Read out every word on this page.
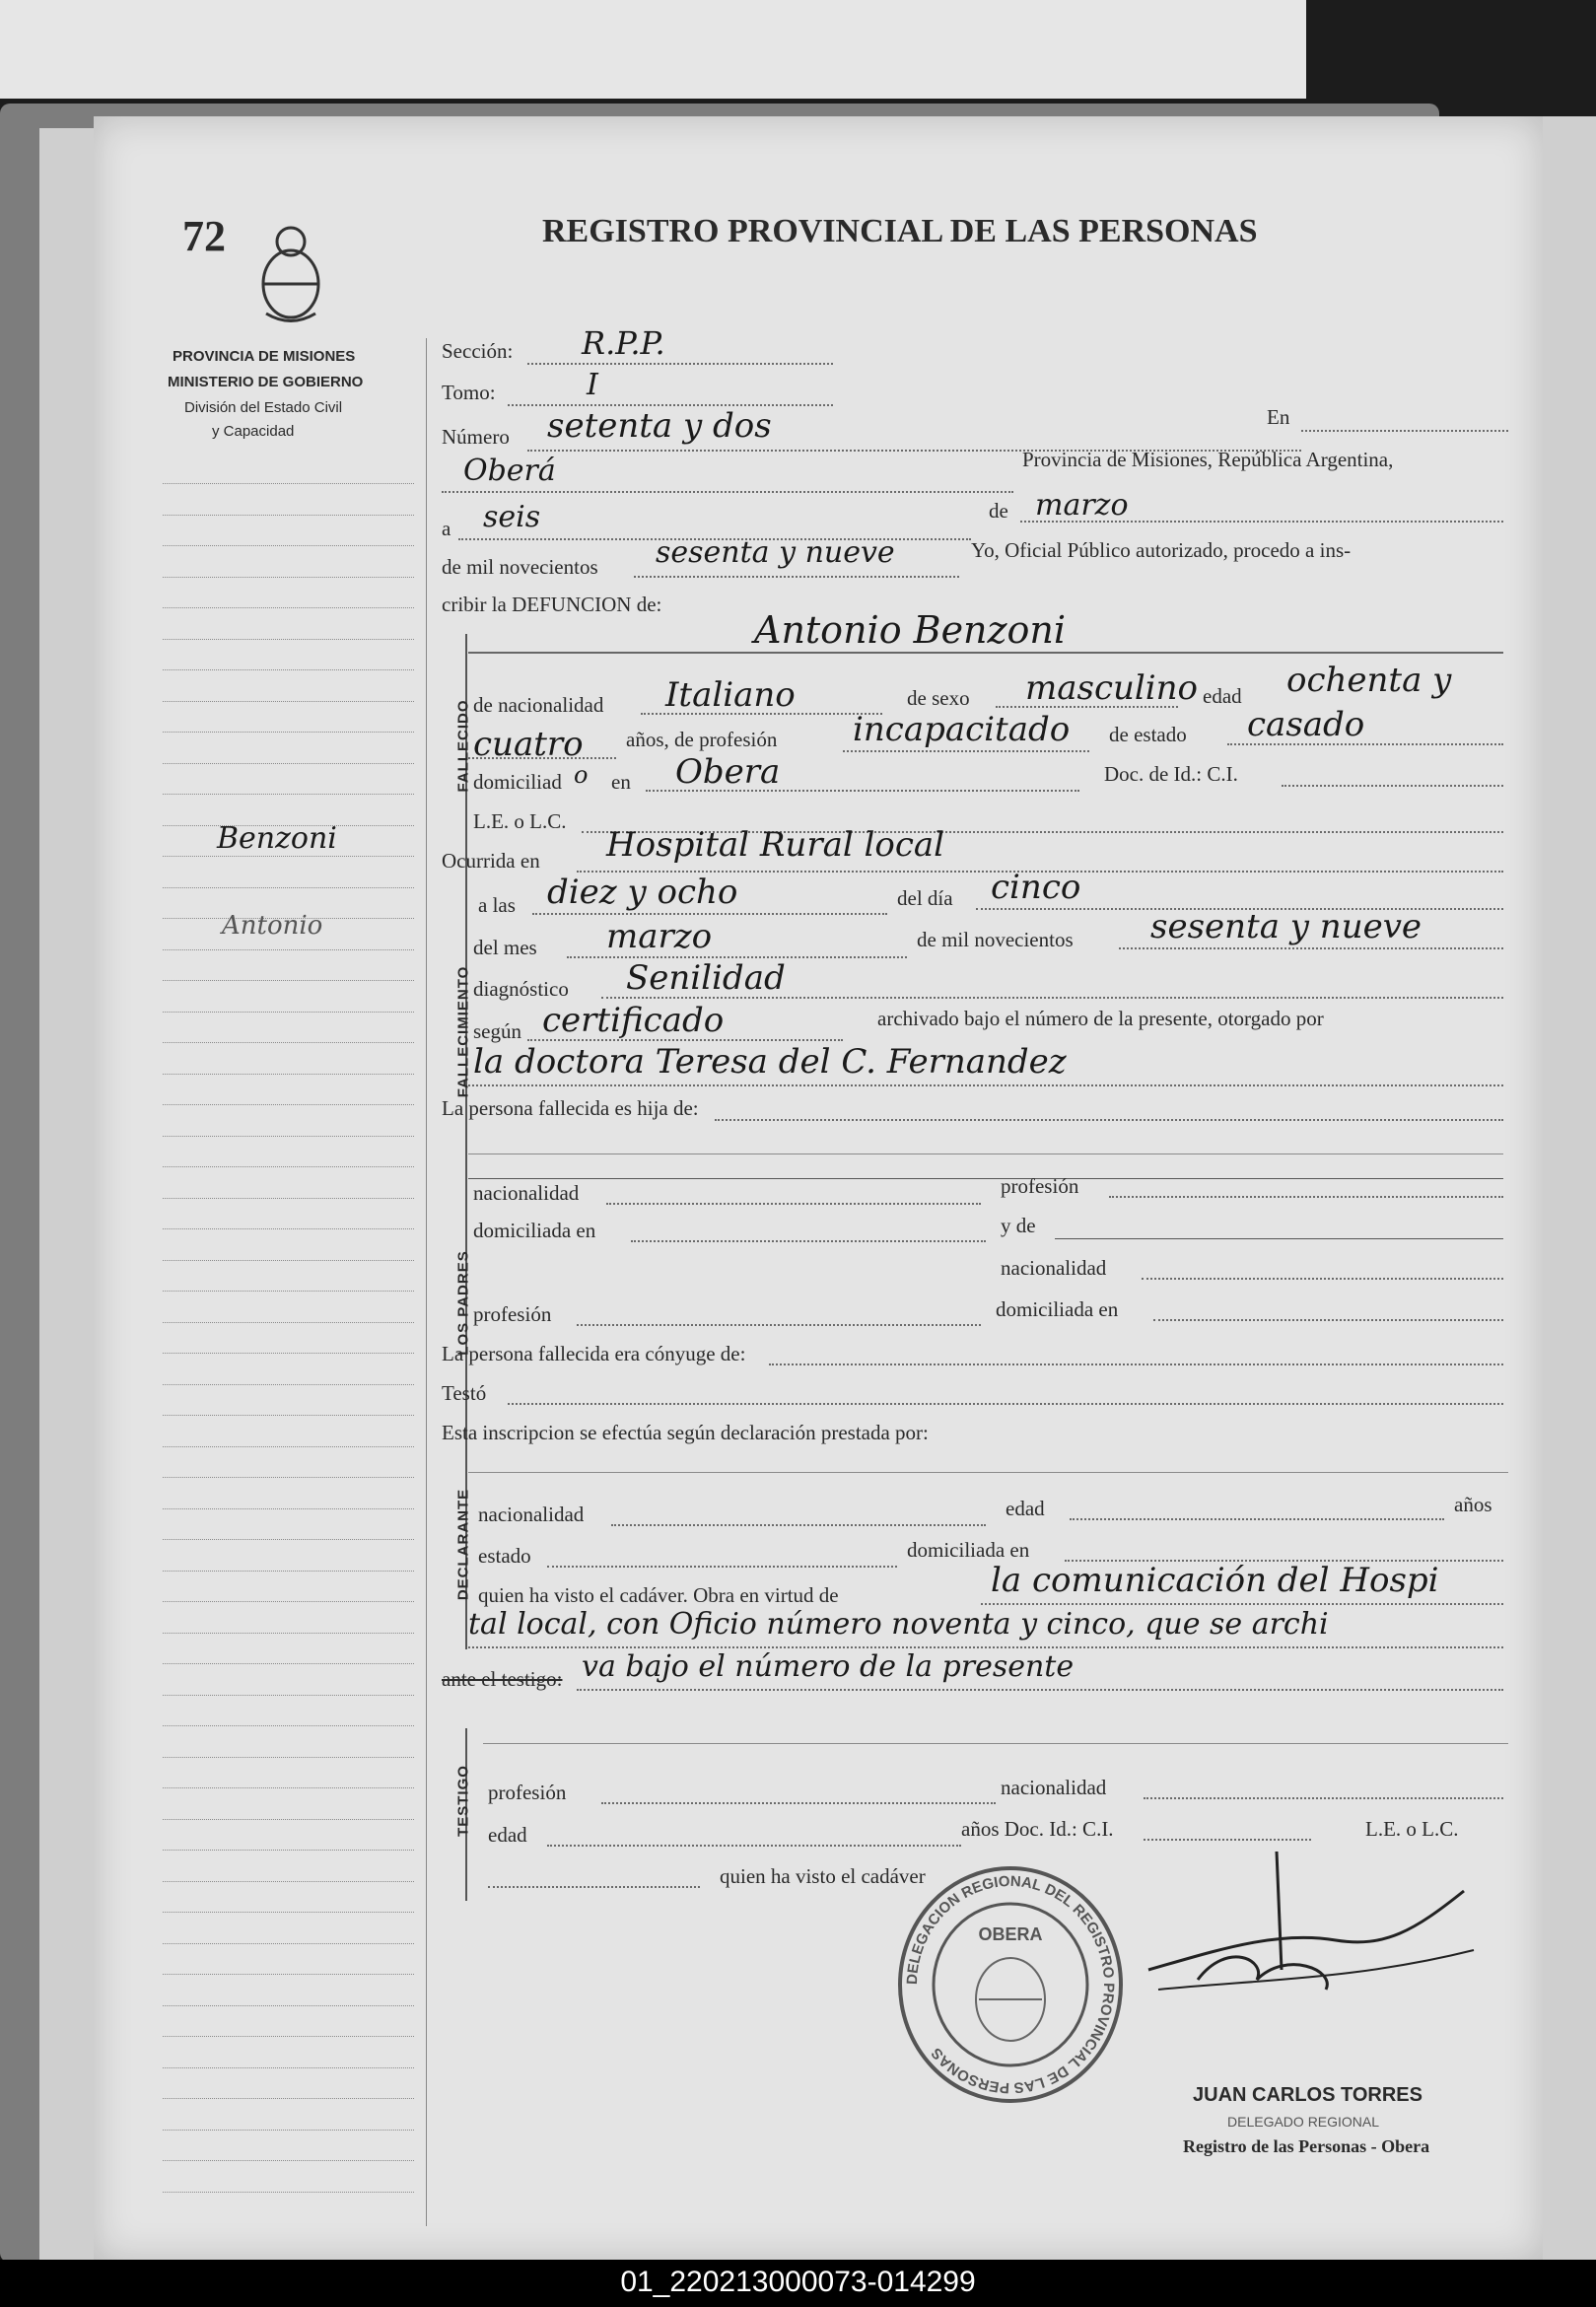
72	REGISTRO PROVINCIAL DE LAS PERSONAS
PROVINCIA DE MISIONES
MINISTERIO DE GOBIERNO
División del Estado Civil
y Capacidad
Benzoni
Antonio
Sección: R.P.P.
Tomo:	I
Número setenta y dos	En
Oberá	Provincia de Misiones, República Argentina,
a seis	de marzo
de mil novecientos sesenta y nueve	Yo, Oficial Público autorizado, procedo a ins-
cribir la DEFUNCION de:
FALLECIDO
Antonio Benzoni
de nacionalidad Italiano	de sexo masculino edad ochenta y
cuatro años, de profesión incapacitado de estado casado
domiciliad o en Obera	Doc. de Id.: C.I.
L.E. o L.C.
Ocurrida en Hospital Rural local
FALLECIMIENTO
a las diez y ocho	del día cinco
del mes marzo	de mil novecientos sesenta y nueve
diagnóstico Senilidad
según certificado	archivado bajo el número de la presente, otorgado por
la doctora Teresa del C. Fernandez
La persona fallecida es hija de:
LOS PADRES
nacionalidad	profesión
domiciliada en	y de
nacionalidad
profesión	domiciliada en
La persona fallecida era cónyuge de:
Testó
Esta inscripcion se efectúa según declaración prestada por:
DECLARANTE nacionalidad	edad	años
estado	domiciliada en
quien ha visto el cadáver. Obra en virtud de	la comunicación del Hospi
tal local, con Oficio número noventa y cinco, que se archi
ante el testigo: va bajo el número de la presente
TESTIGO profesión	nacionalidad
edad	años Doc. Id.: C.I.	L.E. o L.C.
quien ha visto el cadáver
DELEGACION REGIONAL DEL REGISTRO PROVINCIAL DE LAS PERSONAS
OBERA
JUAN CARLOS TORRES
DELEGADO REGIONAL
Registro de las Personas - Obera
01_220213000073-014299
